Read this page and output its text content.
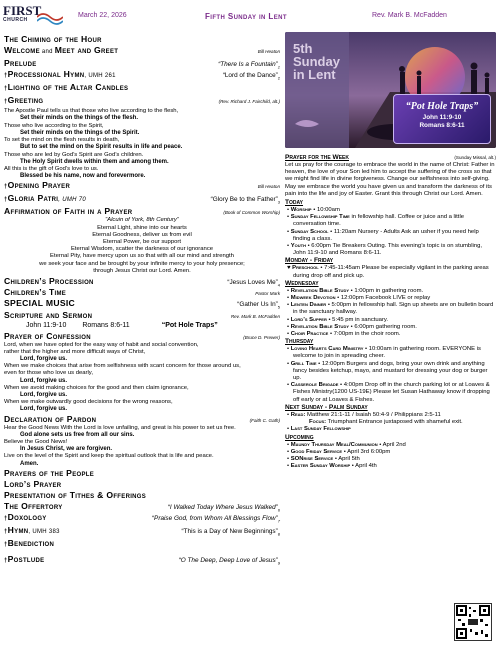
FIRST
CHURCH
March 22, 2026	Fifth Sunday in Lent	Rev. Mark B. McFadden
The Chiming of the Hour
Welcome and Meet and Greet	Bill Heaton
Prelude	“There Is a $Fountain”_1$
†Processional Hymn, UMH 261	“Lord of the $Dance”_2$
†Lighting of the Altar Candles
†Greeting	(Rev. Richard J. Fairchild, alt.)
The Apostle Paul tells us that those who live according to the flesh,
Set their minds on the things of the flesh.
Those who live according to the Spirit,
Set their minds on the things of the Spirit.
To set the mind on the flesh results in death,
But to set the mind on the Spirit results in life and peace.
Those who are led by God’s Spirit are God’s children.
The Holy Spirit dwells within them and among them.
All this is the gift of God’s love to us.
Blessed be his name, now and forevermore.
†Opening Prayer	Bill Heaton
†Gloria Patri, UMH 70	“Glory Be to the $Father”_3$
Affirmation of Faith in a Prayer	(Book of Common Worship)
“Alcuin of York, 8th Century”
Eternal Light, shine into our hearts
Eternal Goodness, deliver us from evil
Eternal Power, be our support
Eternal Wisdom, scatter the darkness of our ignorance
Eternal Pity, have mercy upon us so that with all our mind and strength
we seek your face and be brought by your infinite mercy to your holy presence;
through Jesus Christ our Lord. Amen.
Children’s Procession	“Jesus Loves $Me”_4$
Children’s Time	Pastor Mark
SPECIAL MUSIC	“Gather Us $In”_5$
Scripture and Sermon	Rev. Mark B. McFadden
John 11:9-10 Romans 8:6-11	“Pot Hole Traps”
Prayer of Confession	(Bruce D. Prewer)
Lord, when we have opted for the easy way of habit and social convention,
rather that the higher and more difficult ways of Christ,
Lord, forgive us.
When we make choices that arise from selfishness with scant concern for those around us,
even for those who love us dearly,
Lord, forgive us.
When we avoid making choices for the good and then claim ignorance,
Lord, forgive us.
When we make outwardly good decisions for the wrong reasons,
Lord, forgive us.
Declaration of Pardon	(Faith C. Gath)
Hear the Good News With the Lord is love unfailing, and great is his power to set us free.
God alone sets us free from all our sins.
Believe the Good News!
In Jesus Christ, we are forgiven.
Live on the level of the Spirit and keep the spiritual outlook that is life and peace.
Amen.
Prayers of the People
Lord’s Prayer
Presentation of Tithes & Offerings
The Offertory	“I Walked Today Where Jesus $Walked”_6$
†Doxology	“Praise God, from Whom All Blessings $Flow”_7$
†Hymn, UMH 383	“This is a Day of New $Beginnings”_8$
†Benediction
†Postlude	“O The Deep, Deep Love of $Jesus”_9$
5th Sunday in Lent
“Pot Hole Traps”
John 11:9-10
Romans 8:6-11
Prayer for the Week	(Sunday Missal, alt.)
Let us pray for the courage to embrace the world in the name of Christ: Father in heaven, the love of your Son led him to accept the suffering of the cross so that we might find life in divine forgiveness. Change our selfishness into self-giving. May we embrace the world you have given us and transform the darkness of its pain into the life and joy of Easter. Grant this through Christ our Lord. Amen.
Today
• Worship • 10:00am
• Sunday Fellowship Time in fellowship hall. Coffee or juice and a little conversation time.
• Sunday School • 11:20am Nursery - Adults Ask an usher if you need help finding a class.
• Youth • 6:00pm Tie Breakers Outing. This evening’s topic is on stumbling, John 11:9-10 and Romans 8:6-11.
Monday - Friday
♥ Preschool • 7:45-11:45am Please be especially vigilant in the parking areas during drop off and pick up.
Wednesday
• Revelation Bible Study • 1:00pm in gathering room.
• Midweek Devotion • 12:00pm Facebook LIVE or replay
• Lenten Dinner • 5:00pm in fellowship hall. Sign up sheets are on bulletin board in the sanctuary hallway.
• Lord’s Supper • 5:45 pm in sanctuary.
• Revelation Bible Study • 6:00pm gathering room.
• Choir Practice • 7:00pm in the choir room.
Thursday
• Loving Hearts Card Ministry • 10:00am in gathering room. EVERYONE is welcome to join in spreading cheer.
• Grill Time • 12:00pm Burgers and dogs, bring your own drink and anything fancy besides ketchup, mayo, and mustard for dressing your dog or burger up.
• Casserole Brigade • 4:00pm Drop off in the church parking lot or at Loaves & Fishes Ministry(1200 US-19E) Please let Susan Hathaway know if dropping off early or at Loaves & Fishes.
Next Sunday - Palm Sunday
• Read: Matthew 21:1-11 / Isaiah 50:4-9 / Philippians 2:5-11
Focus: Triumphant Entrance juxtaposed with shameful exit.
• Last Sunday Fellowship
Upcoming
• Maundy Thursday Meal/Communion • April 2nd
• Good Friday Service • April 3rd 6:00pm
• SONrise Service • April 5th
• Easter Sunday Worship • April 4th
